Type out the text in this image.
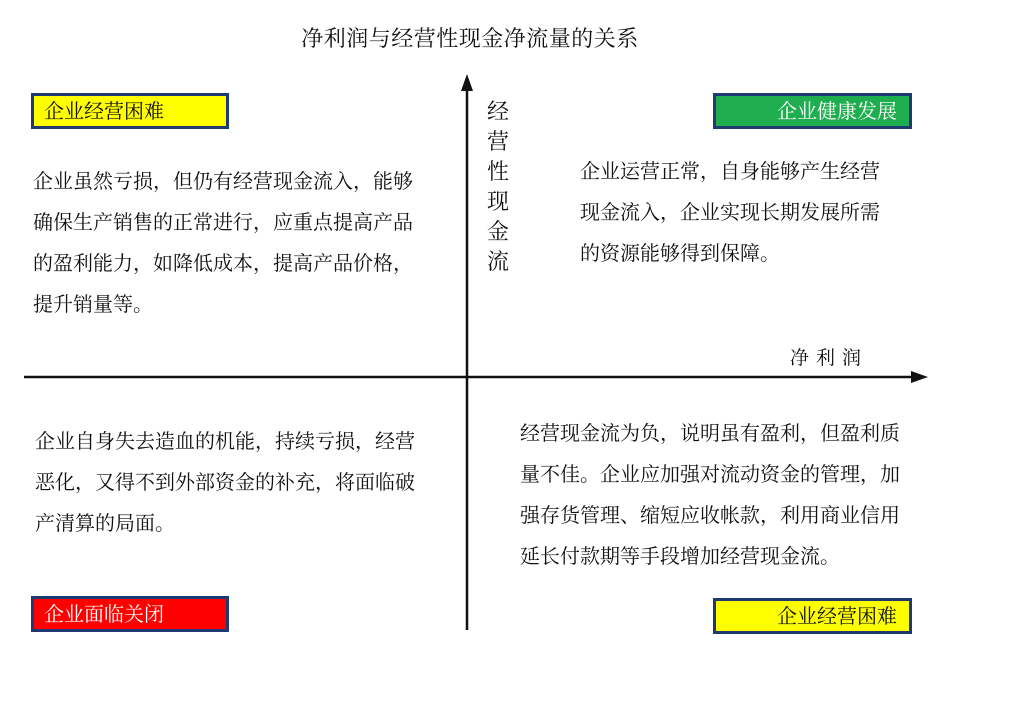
净利润与经营性现金净流量的关系
经营性现金流
净利润
企业经营困难	企业健康发展
企业面临关闭	企业经营困难
企业虽然亏损，但仍有经营现金流入，能够确保生产销售的正常进行，应重点提高产品的盈利能力，如降低成本，提高产品价格，提升销量等。
企业运营正常，自身能够产生经营现金流入，企业实现长期发展所需的资源能够得到保障。
企业自身失去造血的机能，持续亏损，经营恶化，又得不到外部资金的补充，将面临破产清算的局面。
经营现金流为负，说明虽有盈利，但盈利质量不佳。企业应加强对流动资金的管理，加强存货管理、缩短应收帐款，利用商业信用延长付款期等手段增加经营现金流。
